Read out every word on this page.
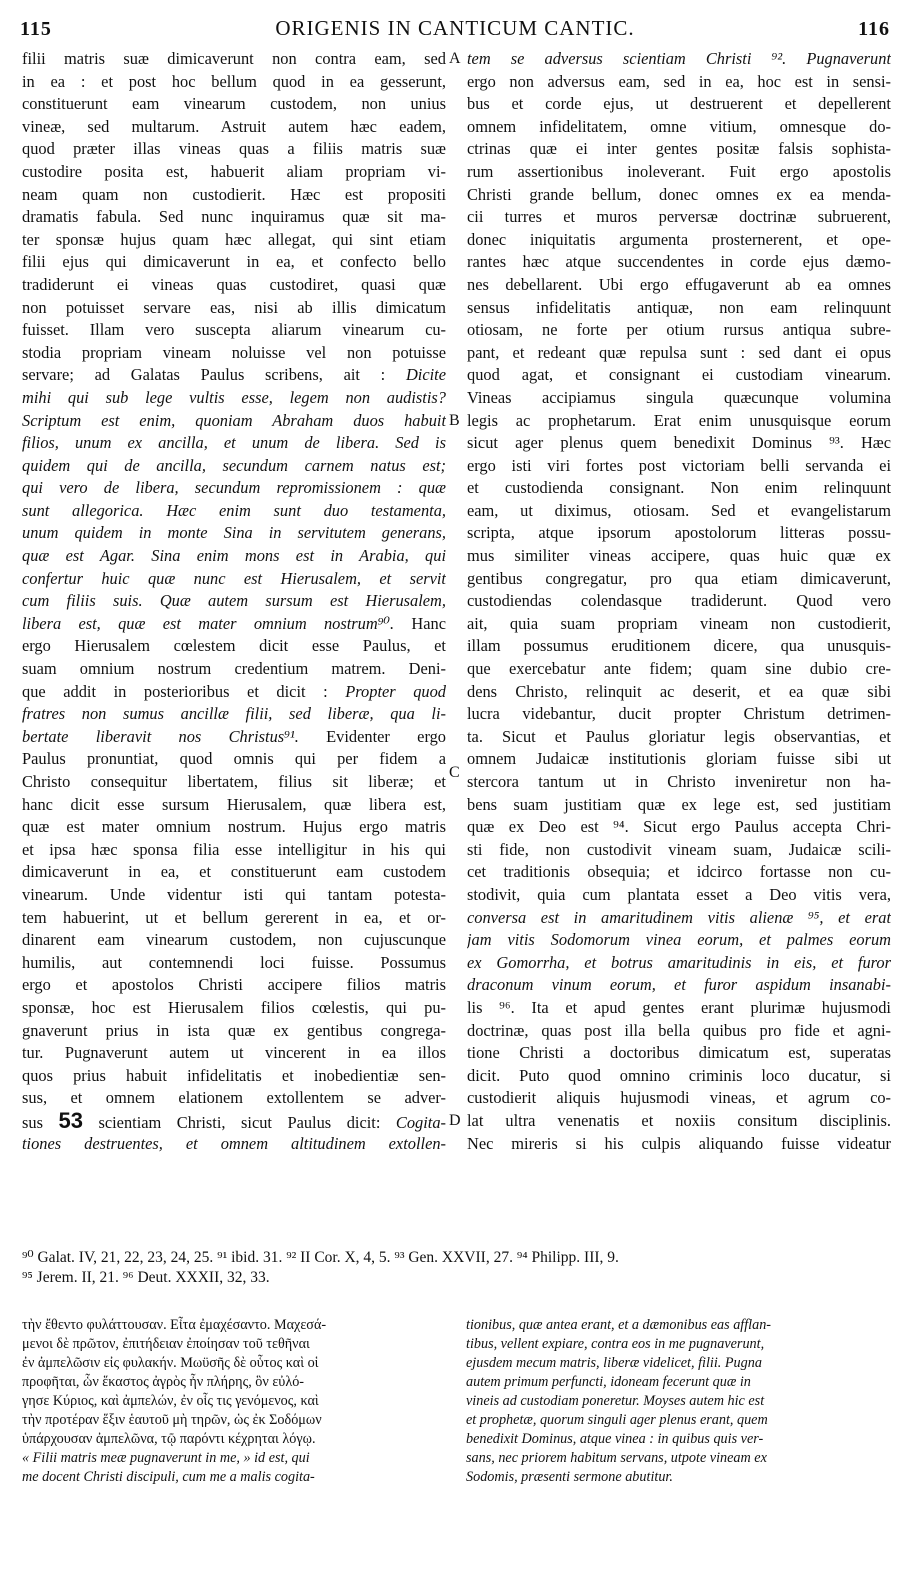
115	ORIGENIS IN CANTICUM CANTIC.	116
A
B
C
D
filii matris suæ dimicaverunt non contra eam, sed
in ea : et post hoc bellum quod in ea gesserunt,
constituerunt eam vinearum custodem, non unius
vineæ, sed multarum. Astruit autem hæc eadem,
quod præter illas vineas quas a filiis matris suæ
custodire posita est, habuerit aliam propriam vi-
neam quam non custodierit. Hæc est propositi
dramatis fabula. Sed nunc inquiramus quæ sit ma-
ter sponsæ hujus quam hæc allegat, qui sint etiam
filii ejus qui dimicaverunt in ea, et confecto bello
tradiderunt ei vineas quas custodiret, quasi quæ
non potuisset servare eas, nisi ab illis dimicatum
fuisset. Illam vero suscepta aliarum vinearum cu-
stodia propriam vineam noluisse vel non potuisse
servare; ad Galatas Paulus scribens, ait : Dicite
mihi qui sub lege vultis esse, legem non audistis?
Scriptum est enim, quoniam Abraham duos habuit
filios, unum ex ancilla, et unum de libera. Sed is
quidem qui de ancilla, secundum carnem natus est;
qui vero de libera, secundum repromissionem : quæ
sunt allegorica. Hæc enim sunt duo testamenta,
unum quidem in monte Sina in servitutem generans,
quæ est Agar. Sina enim mons est in Arabia, qui
confertur huic quæ nunc est Hierusalem, et servit
cum filiis suis. Quæ autem sursum est Hierusalem,
libera est, quæ est mater omnium nostrum⁹⁰. Hanc
ergo Hierusalem cœlestem dicit esse Paulus, et
suam omnium nostrum credentium matrem. Deni-
que addit in posterioribus et dicit : Propter quod
fratres non sumus ancillæ filii, sed liberæ, qua li-
bertate liberavit nos Christus⁹¹. Evidenter ergo
Paulus pronuntiat, quod omnis qui per fidem a
Christo consequitur libertatem, filius sit liberæ; et
hanc dicit esse sursum Hierusalem, quæ libera est,
quæ est mater omnium nostrum. Hujus ergo matris
et ipsa hæc sponsa filia esse intelligitur in his qui
dimicaverunt in ea, et constituerunt eam custodem
vinearum. Unde videntur isti qui tantam potesta-
tem habuerint, ut et bellum gererent in ea, et or-
dinarent eam vinearum custodem, non cujuscunque
humilis, aut contemnendi loci fuisse. Possumus
ergo et apostolos Christi accipere filios matris
sponsæ, hoc est Hierusalem filios cœlestis, qui pu-
gnaverunt prius in ista quæ ex gentibus congrega-
tur. Pugnaverunt autem ut vincerent in ea illos
quos prius habuit infidelitatis et inobedientiæ sen-
sus, et omnem elationem extollentem se adver-
sus 53 scientiam Christi, sicut Paulus dicit: Cogita-
tiones destruentes, et omnem altitudinem extollen-
tem se adversus scientiam Christi ⁹². Pugnaverunt
ergo non adversus eam, sed in ea, hoc est in sensi-
bus et corde ejus, ut destruerent et depellerent
omnem infidelitatem, omne vitium, omnesque do-
ctrinas quæ ei inter gentes positæ falsis sophista-
rum assertionibus inoleverant. Fuit ergo apostolis
Christi grande bellum, donec omnes ex ea menda-
cii turres et muros perversæ doctrinæ subruerent,
donec iniquitatis argumenta prosternerent, et ope-
rantes hæc atque succendentes in corde ejus dæmo-
nes debellarent. Ubi ergo effugaverunt ab ea omnes
sensus infidelitatis antiquæ, non eam relinquunt
otiosam, ne forte per otium rursus antiqua subre-
pant, et redeant quæ repulsa sunt : sed dant ei opus
quod agat, et consignant ei custodiam vinearum.
Vineas accipiamus singula quæcunque volumina
legis ac prophetarum. Erat enim unusquisque eorum
sicut ager plenus quem benedixit Dominus ⁹³. Hæc
ergo isti viri fortes post victoriam belli servanda ei
et custodienda consignant. Non enim relinquunt
eam, ut diximus, otiosam. Sed et evangelistarum
scripta, atque ipsorum apostolorum litteras possu-
mus similiter vineas accipere, quas huic quæ ex
gentibus congregatur, pro qua etiam dimicaverunt,
custodiendas colendasque tradiderunt. Quod vero
ait, quia suam propriam vineam non custodierit,
illam possumus eruditionem dicere, qua unusquis-
que exercebatur ante fidem; quam sine dubio cre-
dens Christo, relinquit ac deserit, et ea quæ sibi
lucra videbantur, ducit propter Christum detrimen-
ta. Sicut et Paulus gloriatur legis observantias, et
omnem Judaicæ institutionis gloriam fuisse sibi ut
stercora tantum ut in Christo inveniretur non ha-
bens suam justitiam quæ ex lege est, sed justitiam
quæ ex Deo est ⁹⁴. Sicut ergo Paulus accepta Chri-
sti fide, non custodivit vineam suam, Judaicæ scili-
cet traditionis obsequia; et idcirco fortasse non cu-
stodivit, quia cum plantata esset a Deo vitis vera,
conversa est in amaritudinem vitis alienæ ⁹⁵, et erat
jam vitis Sodomorum vinea eorum, et palmes eorum
ex Gomorrha, et botrus amaritudinis in eis, et furor
draconum vinum eorum, et furor aspidum insanabi-
lis ⁹⁶. Ita et apud gentes erant plurimæ hujusmodi
doctrinæ, quas post illa bella quibus pro fide et agni-
tione Christi a doctoribus dimicatum est, superatas
dicit. Puto quod omnino criminis loco ducatur, si
custodierit aliquis hujusmodi vineas, et agrum co-
lat ultra venenatis et noxiis consitum disciplinis.
Nec mireris si his culpis aliquando fuisse videatur
⁹⁰ Galat. IV, 21, 22, 23, 24, 25. ⁹¹ ibid. 31. ⁹² II Cor. X, 4, 5. ⁹³ Gen. XXVII, 27. ⁹⁴ Philipp. III, 9.
⁹⁵ Jerem. II, 21. ⁹⁶ Deut. XXXII, 32, 33.
τὴν ἔθεντο φυλάττουσαν. Εἶτα ἐμαχέσαντο. Μαχεσά-
μενοι δὲ πρῶτον, ἐπιτήδειαν ἐποίησαν τοῦ τεθῆναι
ἐν ἀμπελῶσιν εἰς φυλακήν. Μωϋσῆς δὲ οὗτος καὶ οἱ
προφῆται, ὧν ἕκαστος ἀγρὸς ἦν πλήρης, ὃν εὐλό-
γησε Κύριος, καὶ ἀμπελών, ἐν οἷς τις γενόμενος, καὶ
τὴν προτέραν ἕξιν ἑαυτοῦ μὴ τηρῶν, ὡς ἐκ Σοδόμων
ὑπάρχουσαν ἀμπελῶνα, τῷ παρόντι κέχρηται λόγῳ.
« Filii matris meæ pugnaverunt in me, » id est, qui
me docent Christi discipuli, cum me a malis cogita-
tionibus, quæ antea erant, et a dæmonibus eas afflan-
tibus, vellent expiare, contra eos in me pugnaverunt,
ejusdem mecum matris, liberæ videlicet, filii. Pugna
autem primum perfuncti, idoneam fecerunt quæ in
vineis ad custodiam poneretur. Moyses autem hic est
et prophetæ, quorum singuli ager plenus erant, quem
benedixit Dominus, atque vinea : in quibus quis ver-
sans, nec priorem habitum servans, utpote vineam ex
Sodomis, præsenti sermone abutitur.
